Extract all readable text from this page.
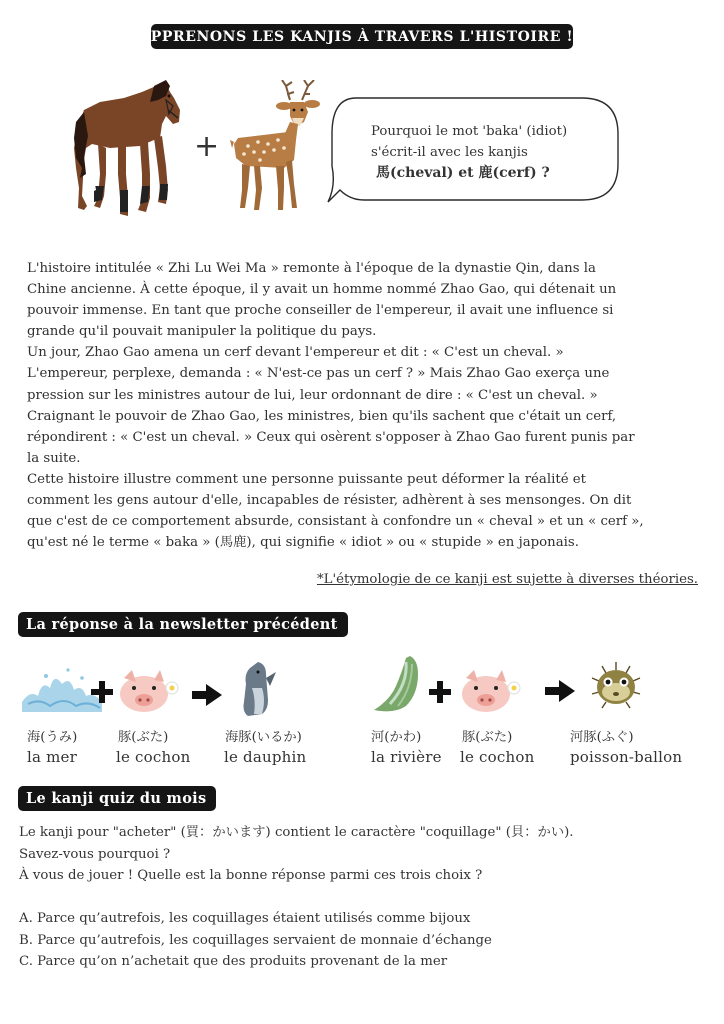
PPRENONS LES KANJIS À TRAVERS L'HISTOIRE !
+	Pourquoi le mot 'baka' (idiot)
s'écrit-il avec les kanjis
馬(cheval) et 鹿(cerf) ?

L'histoire intitulée « Zhi Lu Wei Ma » remonte à l'époque de la dynastie Qin, dans la

Chine ancienne. À cette époque, il y avait un homme nommé Zhao Gao, qui détenait un

pouvoir immense. En tant que proche conseiller de l'empereur, il avait une influence si

grande qu'il pouvait manipuler la politique du pays.

Un jour, Zhao Gao amena un cerf devant l'empereur et dit : « C'est un cheval. »

L'empereur, perplexe, demanda : « N'est-ce pas un cerf ? » Mais Zhao Gao exerça une

pression sur les ministres autour de lui, leur ordonnant de dire : « C'est un cheval. »

Craignant le pouvoir de Zhao Gao, les ministres, bien qu'ils sachent que c'était un cerf,

répondirent : « C'est un cheval. » Ceux qui osèrent s'opposer à Zhao Gao furent punis par

la suite.

Cette histoire illustre comment une personne puissante peut déformer la réalité et

comment les gens autour d'elle, incapables de résister, adhèrent à ses mensonges. On dit

que c'est de ce comportement absurde, consistant à confondre un « cheval » et un « cerf »,

qu'est né le terme « baka » (馬鹿), qui signifie « idiot » ou « stupide » en japonais.

*L'étymologie de ce kanji est sujette à diverses théories.
La réponse à la newsletter précédent
海(うみ)
la mer
豚(ぶた)
le cochon
海豚(いるか)
le dauphin
河(かわ)
la rivière
豚(ぶた)
le cochon
河豚(ふぐ)
poisson-ballon
Le kanji quiz du mois

Le kanji pour "acheter" (買：かいます) contient le caractère "coquillage" (貝：かい).

Savez-vous pourquoi ?

À vous de jouer ! Quelle est la bonne réponse parmi ces trois choix ?

A. Parce qu’autrefois, les coquillages étaient utilisés comme bijoux

B. Parce qu’autrefois, les coquillages servaient de monnaie d’échange

C. Parce qu’on n’achetait que des produits provenant de la mer
